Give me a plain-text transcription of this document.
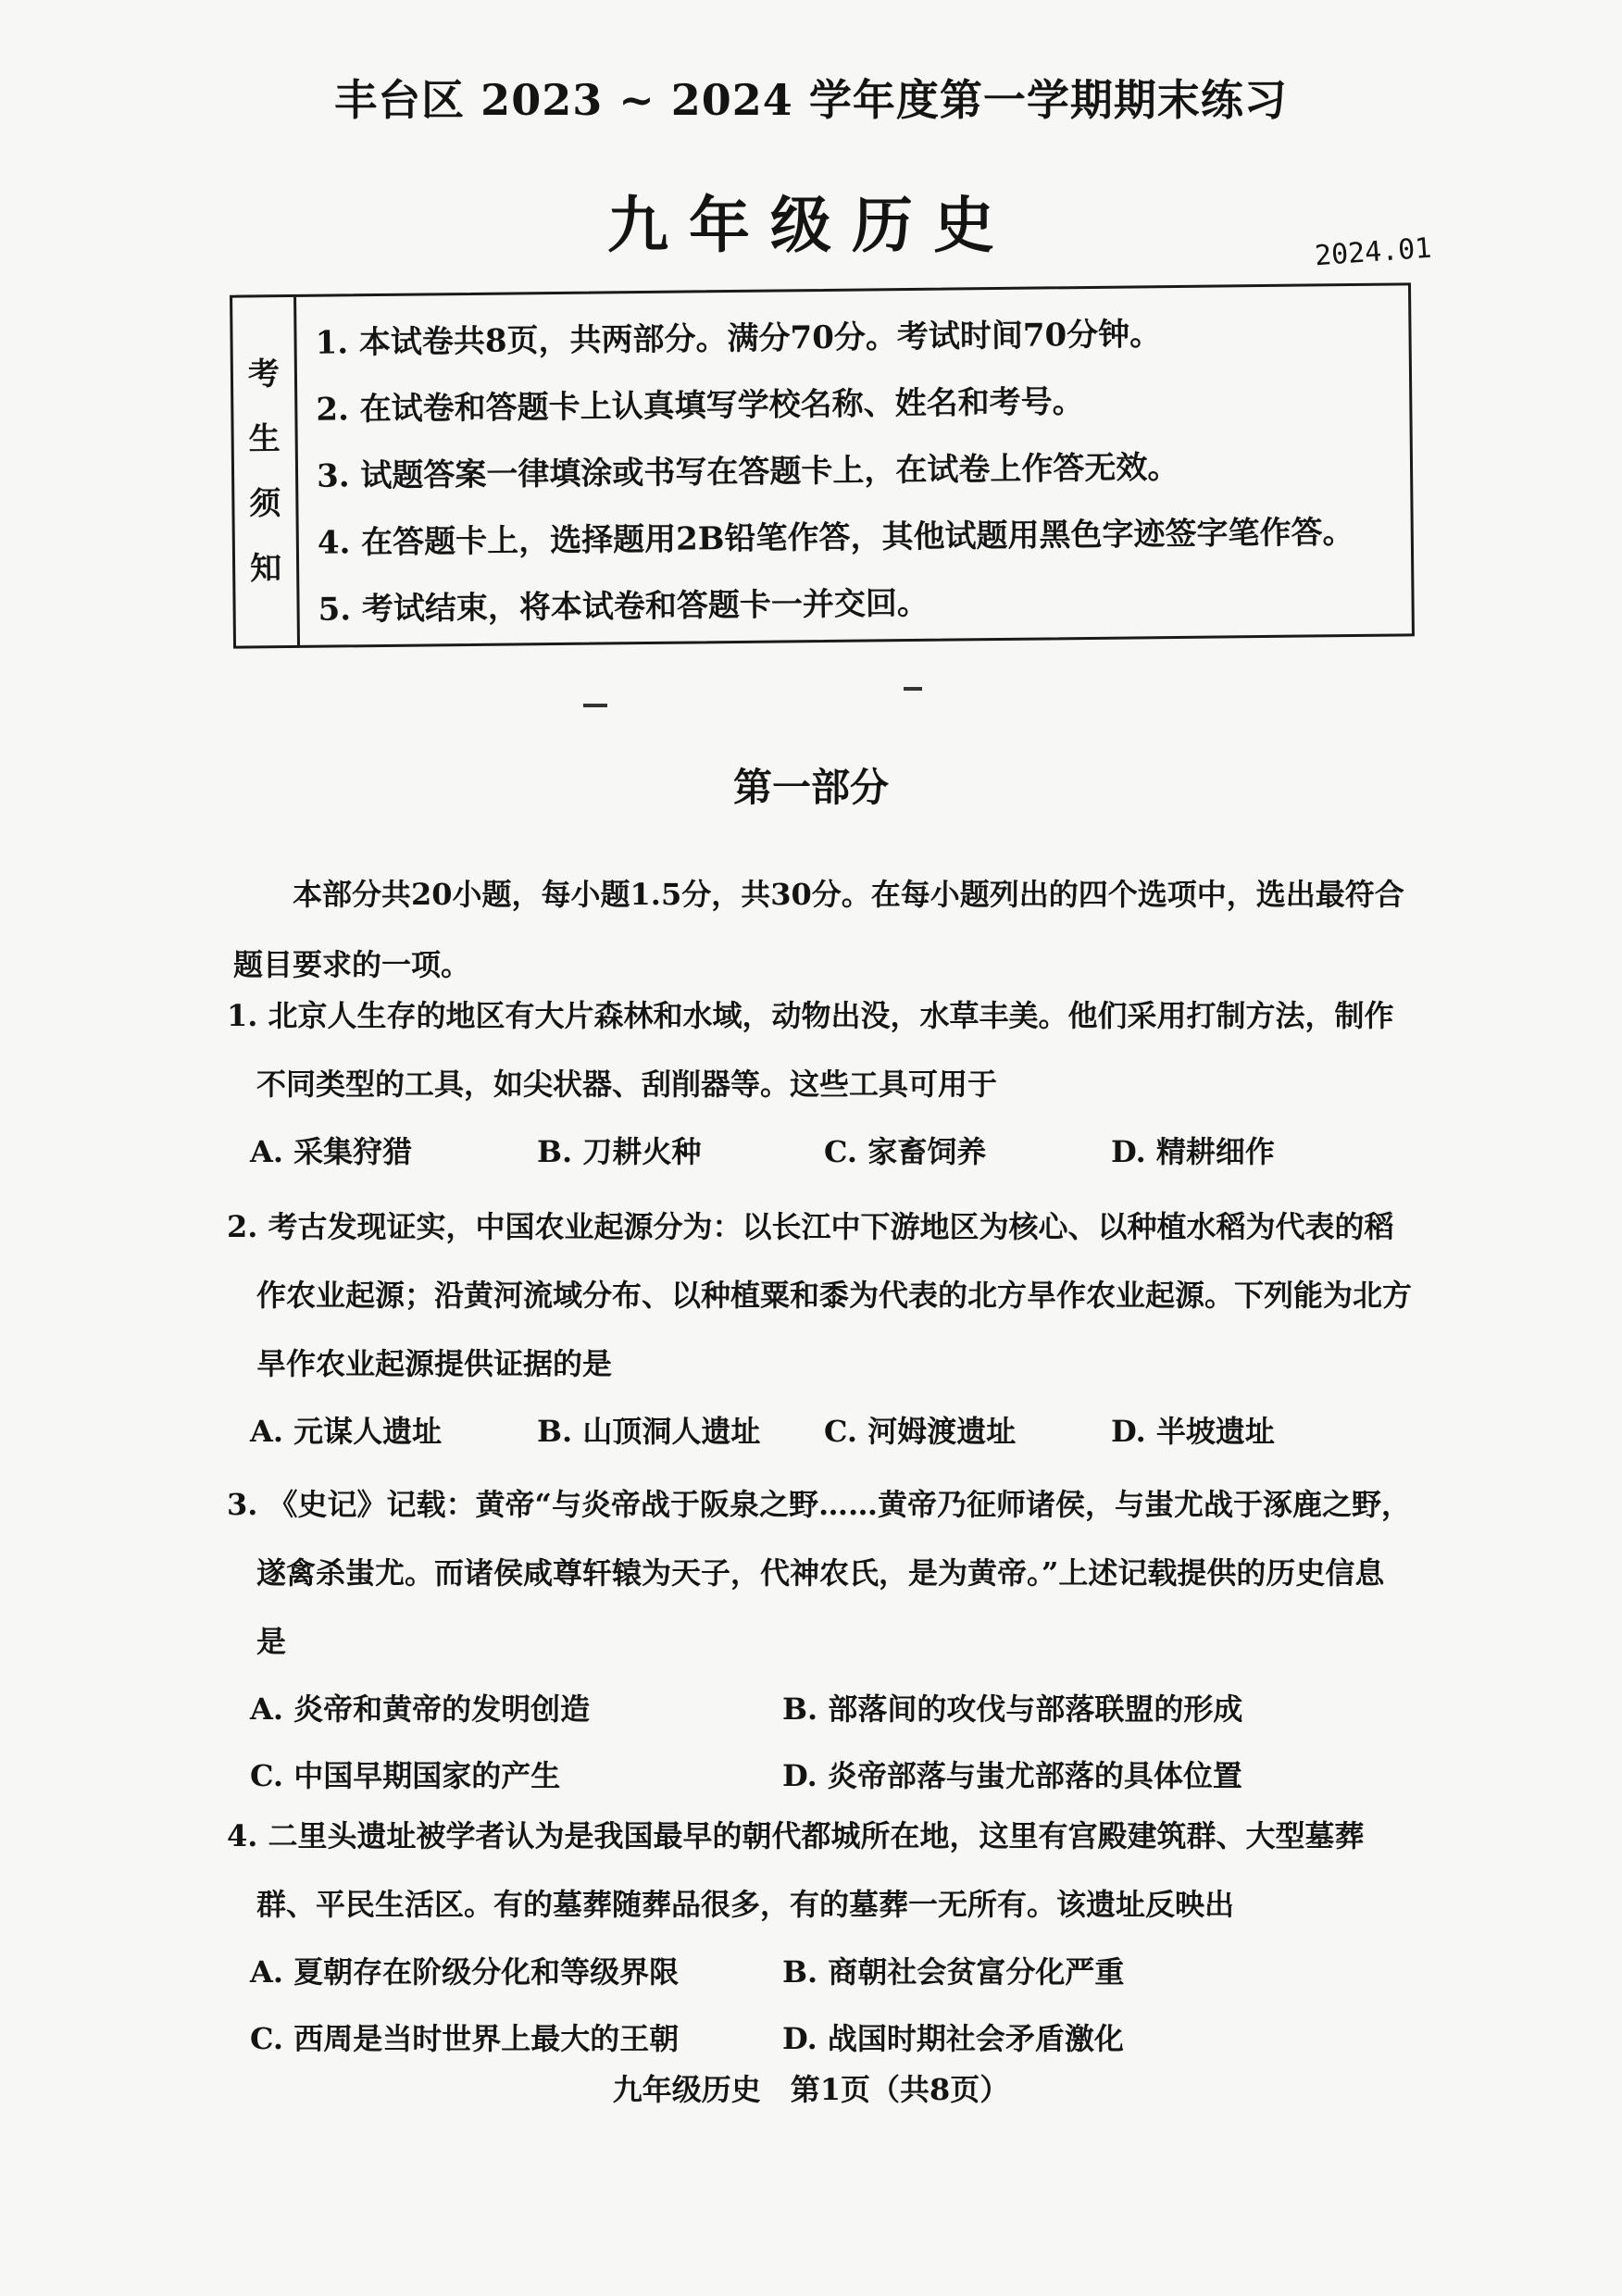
丰台区 2023 ~ 2024 学年度第一学期期末练习
九年级历史	2024.01
考
生
须
知
1. 本试卷共8页，共两部分。满分70分。考试时间70分钟。
2. 在试卷和答题卡上认真填写学校名称、姓名和考号。
3. 试题答案一律填涂或书写在答题卡上，在试卷上作答无效。
4. 在答题卡上，选择题用2B铅笔作答，其他试题用黑色字迹签字笔作答。
5. 考试结束，将本试卷和答题卡一并交回。
第一部分
本部分共20小题，每小题1.5分，共30分。在每小题列出的四个选项中，选出最符合题目要求的一项。
1. 北京人生存的地区有大片森林和水域，动物出没，水草丰美。他们采用打制方法，制作不同类型的工具，如尖状器、刮削器等。这些工具可用于
A. 采集狩猎	B. 刀耕火种	C. 家畜饲养	D. 精耕细作
2. 考古发现证实，中国农业起源分为：以长江中下游地区为核心、以种植水稻为代表的稻作农业起源；沿黄河流域分布、以种植粟和黍为代表的北方旱作农业起源。下列能为北方旱作农业起源提供证据的是
A. 元谋人遗址	B. 山顶洞人遗址	C. 河姆渡遗址	D. 半坡遗址
3. 《史记》记载：黄帝“与炎帝战于阪泉之野……黄帝乃征师诸侯，与蚩尤战于涿鹿之野，遂禽杀蚩尤。而诸侯咸尊轩辕为天子，代神农氏，是为黄帝。”上述记载提供的历史信息是
A. 炎帝和黄帝的发明创造	B. 部落间的攻伐与部落联盟的形成
C. 中国早期国家的产生	D. 炎帝部落与蚩尤部落的具体位置
4. 二里头遗址被学者认为是我国最早的朝代都城所在地，这里有宫殿建筑群、大型墓葬群、平民生活区。有的墓葬随葬品很多，有的墓葬一无所有。该遗址反映出
A. 夏朝存在阶级分化和等级界限	B. 商朝社会贫富分化严重
C. 西周是当时世界上最大的王朝	D. 战国时期社会矛盾激化
九年级历史　第1页（共8页）
